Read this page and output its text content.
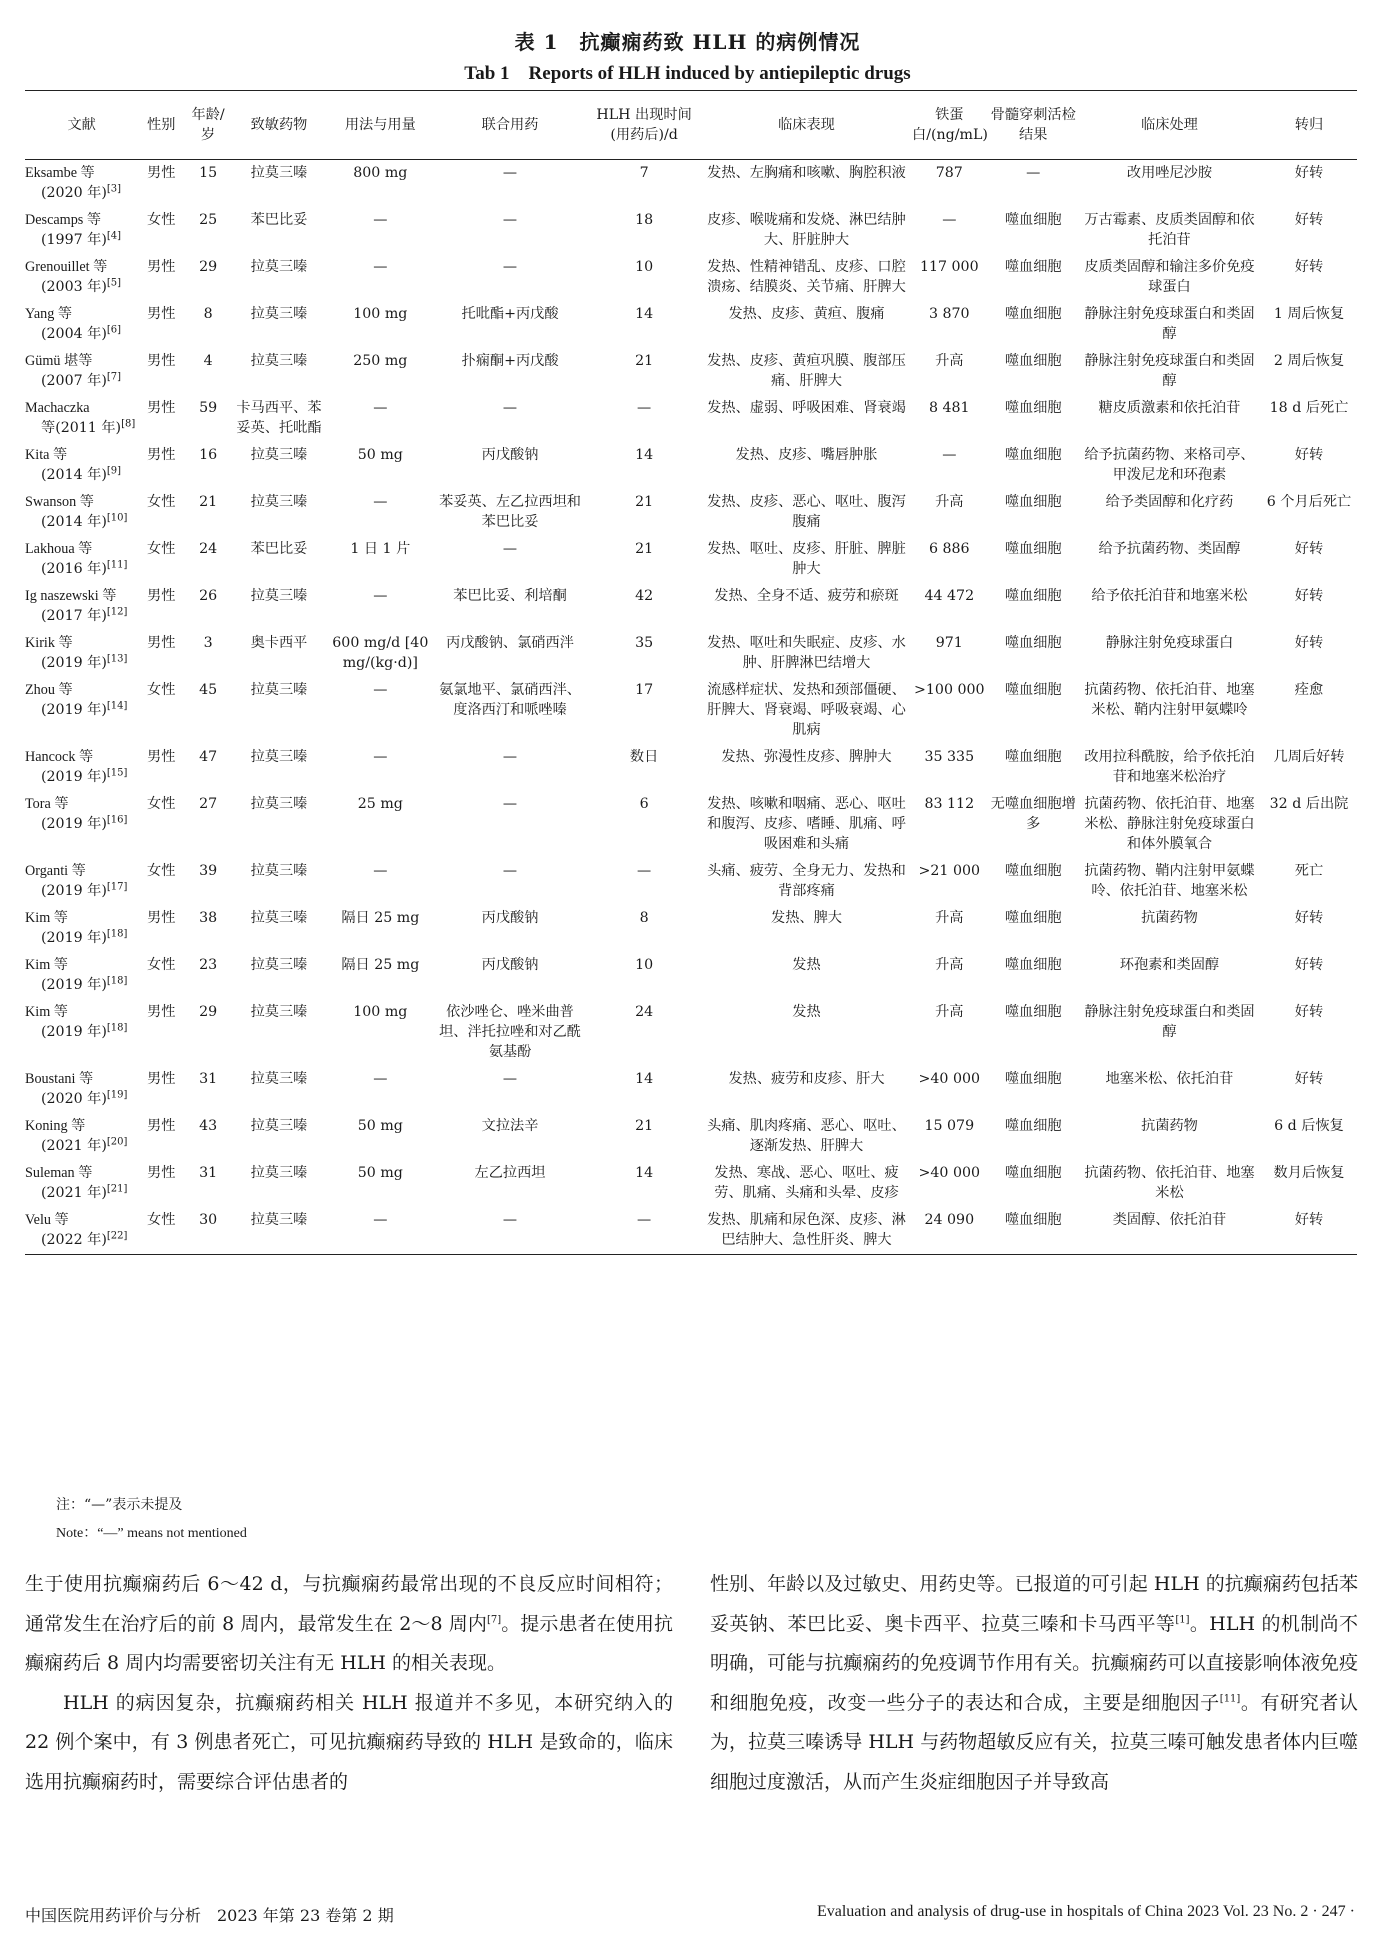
表 1　抗癫痫药致 HLH 的病例情况
Tab 1　Reports of HLH induced by antiepileptic drugs
文献	性别	年龄/岁	致敏药物	用法与用量	联合用药	HLH 出现时间(用药后)/d	临床表现	铁蛋白/(ng/mL)	骨髓穿刺活检结果	临床处理	转归
Eksambe 等
(2020 年)[3]	男性	15	拉莫三嗪	800 mg	—	7	发热、左胸痛和咳嗽、胸腔积液	787	—	改用唑尼沙胺	好转
Descamps 等
(1997 年)[4]	女性	25	苯巴比妥	—	—	18	皮疹、喉咙痛和发烧、淋巴结肿大、肝脏肿大	—	噬血细胞	万古霉素、皮质类固醇和依托泊苷	好转
Grenouillet 等
(2003 年)[5]	男性	29	拉莫三嗪	—	—	10	发热、性精神错乱、皮疹、口腔溃疡、结膜炎、关节痛、肝脾大	117 000	噬血细胞	皮质类固醇和输注多价免疫球蛋白	好转
Yang 等
(2004 年)[6]	男性	8	拉莫三嗪	100 mg	托吡酯+丙戊酸	14	发热、皮疹、黄疸、腹痛	3 870	噬血细胞	静脉注射免疫球蛋白和类固醇	1 周后恢复
Gümü 堪等
(2007 年)[7]	男性	4	拉莫三嗪	250 mg	扑痫酮+丙戊酸	21	发热、皮疹、黄疸巩膜、腹部压痛、肝脾大	升高	噬血细胞	静脉注射免疫球蛋白和类固醇	2 周后恢复
Machaczka
等(2011 年)[8]	男性	59	卡马西平、苯妥英、托吡酯	—	—	—	发热、虚弱、呼吸困难、肾衰竭	8 481	噬血细胞	糖皮质激素和依托泊苷	18 d 后死亡
Kita 等
(2014 年)[9]	男性	16	拉莫三嗪	50 mg	丙戊酸钠	14	发热、皮疹、嘴唇肿胀	—	噬血细胞	给予抗菌药物、来格司亭、甲泼尼龙和环孢素	好转
Swanson 等
(2014 年)[10]	女性	21	拉莫三嗪	—	苯妥英、左乙拉西坦和苯巴比妥	21	发热、皮疹、恶心、呕吐、腹泻腹痛	升高	噬血细胞	给予类固醇和化疗药	6 个月后死亡
Lakhoua 等
(2016 年)[11]	女性	24	苯巴比妥	1 日 1 片	—	21	发热、呕吐、皮疹、肝脏、脾脏肿大	6 886	噬血细胞	给予抗菌药物、类固醇	好转
Ig naszewski 等
(2017 年)[12]	男性	26	拉莫三嗪	—	苯巴比妥、利培酮	42	发热、全身不适、疲劳和瘀斑	44 472	噬血细胞	给予依托泊苷和地塞米松	好转
Kirik 等
(2019 年)[13]	男性	3	奥卡西平	600 mg/d [40 mg/(kg·d)]	丙戊酸钠、氯硝西泮	35	发热、呕吐和失眠症、皮疹、水肿、肝脾淋巴结增大	971	噬血细胞	静脉注射免疫球蛋白	好转
Zhou 等
(2019 年)[14]	女性	45	拉莫三嗪	—	氨氯地平、氯硝西泮、度洛西汀和哌唑嗪	17	流感样症状、发热和颈部僵硬、肝脾大、肾衰竭、呼吸衰竭、心肌病	>100 000	噬血细胞	抗菌药物、依托泊苷、地塞米松、鞘内注射甲氨蝶呤	痊愈
Hancock 等
(2019 年)[15]	男性	47	拉莫三嗪	—	—	数日	发热、弥漫性皮疹、脾肿大	35 335	噬血细胞	改用拉科酰胺，给予依托泊苷和地塞米松治疗	几周后好转
Tora 等
(2019 年)[16]	女性	27	拉莫三嗪	25 mg	—	6	发热、咳嗽和咽痛、恶心、呕吐和腹泻、皮疹、嗜睡、肌痛、呼吸困难和头痛	83 112	无噬血细胞增多	抗菌药物、依托泊苷、地塞米松、静脉注射免疫球蛋白和体外膜氧合	32 d 后出院
Organti 等
(2019 年)[17]	女性	39	拉莫三嗪	—	—	—	头痛、疲劳、全身无力、发热和背部疼痛	>21 000	噬血细胞	抗菌药物、鞘内注射甲氨蝶呤、依托泊苷、地塞米松	死亡
Kim 等
(2019 年)[18]	男性	38	拉莫三嗪	隔日 25 mg	丙戊酸钠	8	发热、脾大	升高	噬血细胞	抗菌药物	好转
Kim 等
(2019 年)[18]	女性	23	拉莫三嗪	隔日 25 mg	丙戊酸钠	10	发热	升高	噬血细胞	环孢素和类固醇	好转
Kim 等
(2019 年)[18]	男性	29	拉莫三嗪	100 mg	依沙唑仑、唑米曲普坦、泮托拉唑和对乙酰氨基酚	24	发热	升高	噬血细胞	静脉注射免疫球蛋白和类固醇	好转
Boustani 等
(2020 年)[19]	男性	31	拉莫三嗪	—	—	14	发热、疲劳和皮疹、肝大	>40 000	噬血细胞	地塞米松、依托泊苷	好转
Koning 等
(2021 年)[20]	男性	43	拉莫三嗪	50 mg	文拉法辛	21	头痛、肌肉疼痛、恶心、呕吐、逐渐发热、肝脾大	15 079	噬血细胞	抗菌药物	6 d 后恢复
Suleman 等
(2021 年)[21]	男性	31	拉莫三嗪	50 mg	左乙拉西坦	14	发热、寒战、恶心、呕吐、疲劳、肌痛、头痛和头晕、皮疹	>40 000	噬血细胞	抗菌药物、依托泊苷、地塞米松	数月后恢复
Velu 等
(2022 年)[22]	女性	30	拉莫三嗪	—	—	—	发热、肌痛和尿色深、皮疹、淋巴结肿大、急性肝炎、脾大	24 090	噬血细胞	类固醇、依托泊苷	好转
注：“—”表示未提及
Note：“—” means not mentioned

生于使用抗癫痫药后 6～42 d，与抗癫痫药最常出现的不良反应时间相符；通常发生在治疗后的前 8 周内，最常发生在 2～8 周内[7]。提示患者在使用抗癫痫药后 8 周内均需要密切关注有无 HLH 的相关表现。

HLH 的病因复杂，抗癫痫药相关 HLH 报道并不多见，本研究纳入的 22 例个案中，有 3 例患者死亡，可见抗癫痫药导致的 HLH 是致命的，临床选用抗癫痫药时，需要综合评估患者的

性别、年龄以及过敏史、用药史等。已报道的可引起 HLH 的抗癫痫药包括苯妥英钠、苯巴比妥、奥卡西平、拉莫三嗪和卡马西平等[1]。HLH 的机制尚不明确，可能与抗癫痫药的免疫调节作用有关。抗癫痫药可以直接影响体液免疫和细胞免疫，改变一些分子的表达和合成，主要是细胞因子[11]。有研究者认为，拉莫三嗪诱导 HLH 与药物超敏反应有关，拉莫三嗪可触发患者体内巨噬细胞过度激活，从而产生炎症细胞因子并导致高

中国医院用药评价与分析　2023 年第 23 卷第 2 期	Evaluation and analysis of drug-use in hospitals of China 2023 Vol. 23 No. 2 · 247 ·
